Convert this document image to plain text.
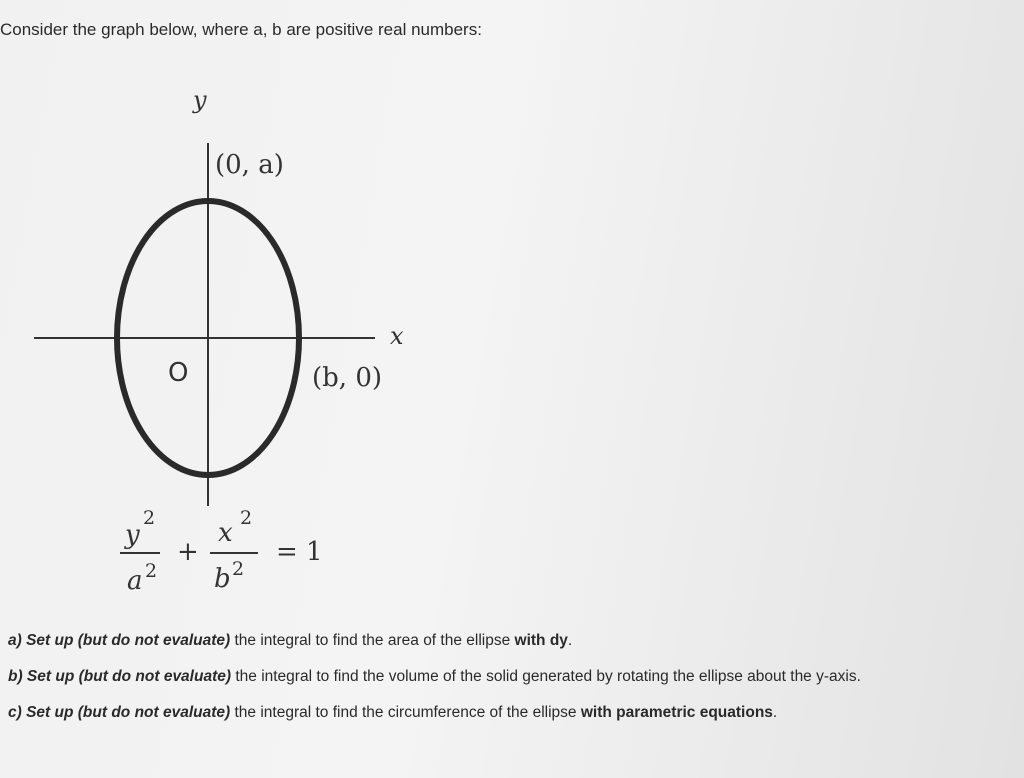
Consider the graph below, where a, b are positive real numbers:

y
x
(0, a)
(b, 0)
O
y
2
a 2
+
x 2
b 2
= 1
a) Set up (but do not evaluate) the integral to find the area of the ellipse with dy.
b) Set up (but do not evaluate) the integral to find the volume of the solid generated by rotating the ellipse about the y-axis.
c) Set up (but do not evaluate) the integral to find the circumference of the ellipse with parametric equations.
